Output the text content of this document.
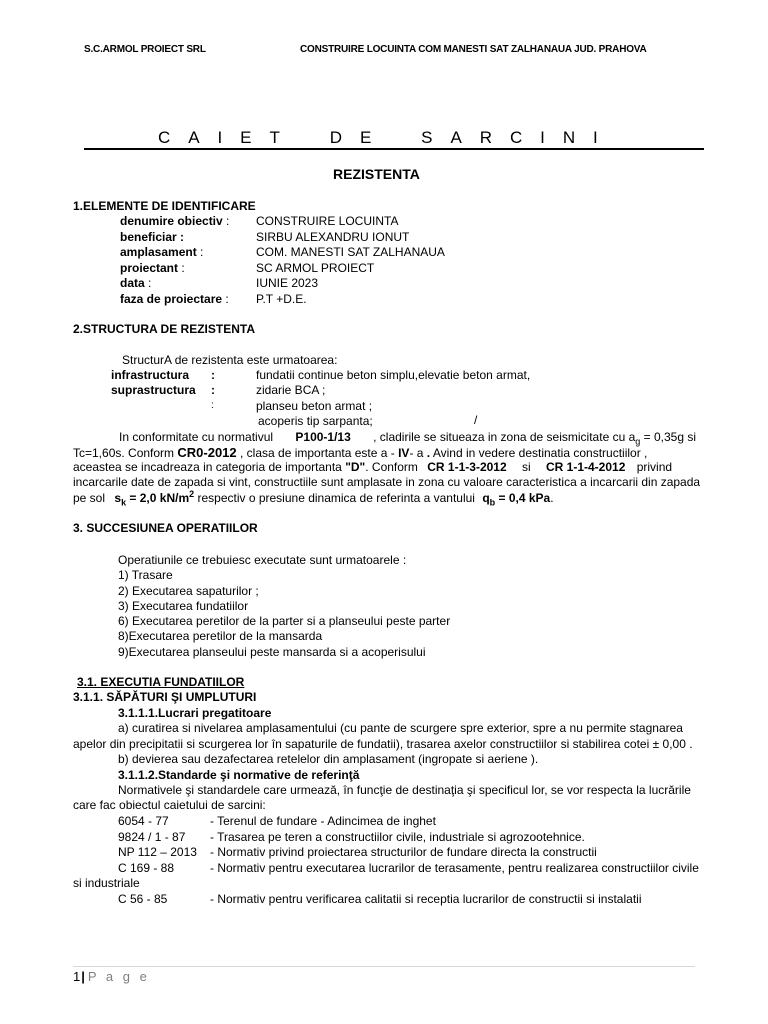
S.C.ARMOL PROIECT SRL	CONSTRUIRE LOCUINTA COM MANESTI SAT ZALHANAUA JUD. PRAHOVA
C A I E T	D E	S A R C I N I
REZISTENTA
1.ELEMENTE DE IDENTIFICARE
denumire obiectiv : CONSTRUIRE LOCUINTA
beneficiar :	SIRBU ALEXANDRU IONUT
amplasament :	COM. MANESTI SAT ZALHANAUA
proiectant :	SC ARMOL PROIECT
data :	IUNIE 2023
faza de proiectare : P.T +D.E.
2.STRUCTURA DE REZISTENTA
StructurA de rezistenta este urmatoarea:
infrastructura :	fundatii continue beton simplu,elevatie beton armat,
suprastructura :	zidarie BCA ;
:	planseu beton armat ;
acoperis tip sarpanta;	/
In conformitate cu normativul P100-1/13 , cladirile se situeaza in zona de seismicitate cu $a_g = 0,35g$ si
Tc=1,60s. Conform CR0-2012 , clasa de importanta este a - IV- a . Avind in vedere destinatia constructiilor ,
aceastea se incadreaza in categoria de importanta "D". Conform CR 1-1-3-2012 si CR 1-1-4-2012 privind
incarcarile date de zapada si vint, constructiile sunt amplasate in zona cu valoare caracteristica a incarcarii din zapada
pe sol $s_k = 2,0$ $kN/m^2$ respectiv o presiune dinamica de referinta a vantului $q_b = 0,4$ kPa.
3. SUCCESIUNEA OPERATIILOR
Operatiunile ce trebuiesc executate sunt urmatoarele :
1) Trasare
2) Executarea sapaturilor ;
3) Executarea fundatiilor
6) Executarea peretilor de la parter si a planseului peste parter
8)Executarea peretilor de la mansarda
9)Executarea planseului peste mansarda si a acoperisului
3.1. EXECUTIA FUNDATIILOR
3.1.1. SĂPĂTURI ŞI UMPLUTURI
3.1.1.1.Lucrari pregatitoare
a) curatirea si nivelarea amplasamentului (cu pante de scurgere spre exterior, spre a nu permite stagnarea
apelor din precipitatii si scurgerea lor în sapaturile de fundatii), trasarea axelor constructiilor si stabilirea cotei ± 0,00 .
b) devierea sau dezafectarea retelelor din amplasament (ingropate si aeriene ).
3.1.1.2.Standarde şi normative de referinţă
Normativele şi standardele care urmează, în funcţie de destinaţia şi specificul lor, se vor respecta la lucrările
care fac obiectul caietului de sarcini:
6054 - 77	- Terenul de fundare - Adincimea de inghet
9824 / 1 - 87 - Trasarea pe teren a constructiilor civile, industriale si agrozootehnice.
NP 112 – 2013 - Normativ privind proiectarea structurilor de fundare directa la constructii
C 169 - 88	- Normativ pentru executarea lucrarilor de terasamente, pentru realizarea constructiilor civile
si industriale
C 56 - 85	- Normativ pentru verificarea calitatii si receptia lucrarilor de constructii si instalatii
1| P a g e
